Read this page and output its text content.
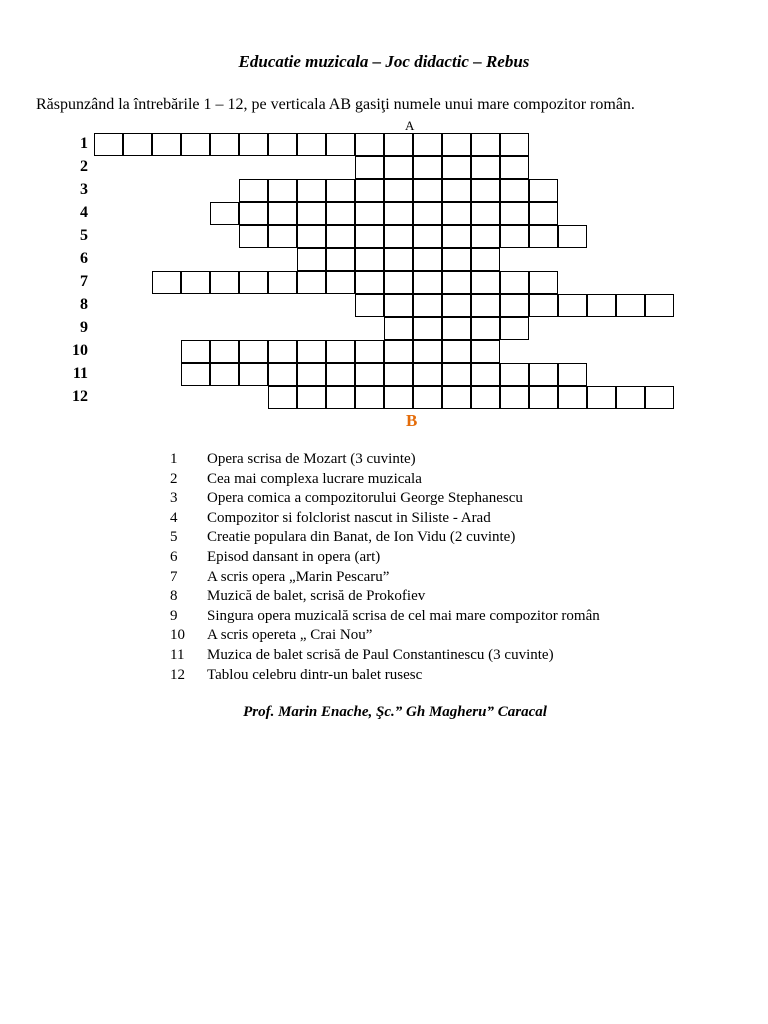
Educatie muzicala – Joc didactic – Rebus
Răspunzând la întrebările 1 – 12, pe verticala AB gasiţi numele unui mare compozitor român.
A
1
2
3
4
5
6
7
8
9
10
11
12
B
1 Opera scrisa de Mozart (3 cuvinte)
2 Cea mai complexa lucrare muzicala
3 Opera comica a compozitorului George Stephanescu
4 Compozitor si folclorist nascut in Siliste - Arad
5 Creatie populara din Banat, de Ion Vidu (2 cuvinte)
6 Episod dansant in opera (art)
7 A scris opera „Marin Pescaru”
8 Muzică de balet, scrisă de Prokofiev
9 Singura opera muzicală scrisa de cel mai mare compozitor român
10 A scris opereta „ Crai Nou”
11 Muzica de balet scrisă de Paul Constantinescu (3 cuvinte)
12 Tablou celebru dintr-un balet rusesc
Prof. Marin Enache, Şc.” Gh Magheru” Caracal
